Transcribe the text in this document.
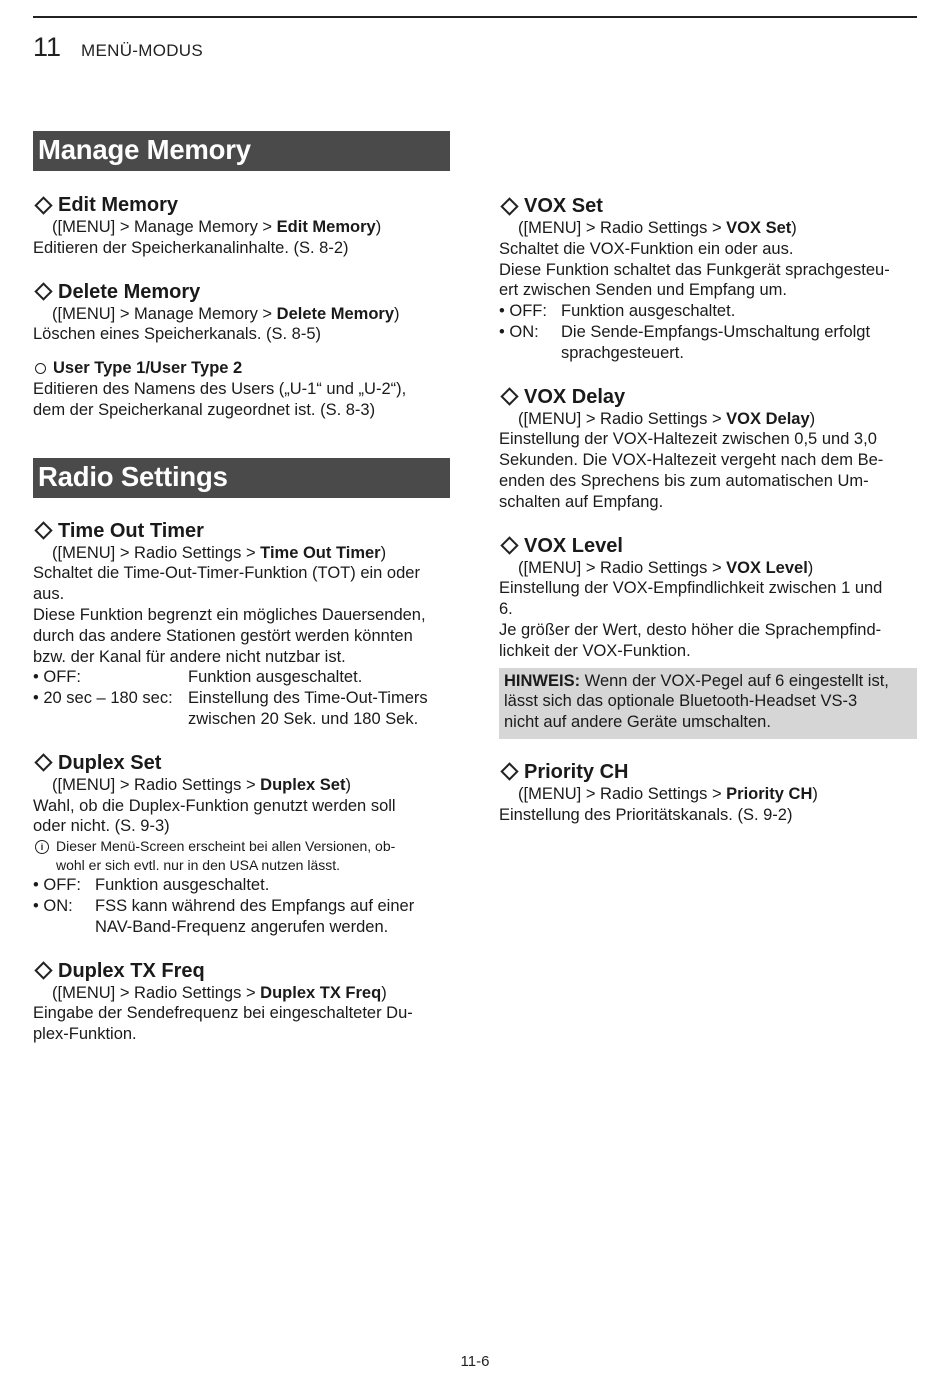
11 MENÜ-MODUS
Manage Memory
Edit Memory
([MENU] > Manage Memory > Edit Memory)
Editieren der Speicherkanalinhalte. (S. 8-2)
Delete Memory
([MENU] > Manage Memory > Delete Memory)
Löschen eines Speicherkanals. (S. 8-5)
User Type 1/User Type 2
Editieren des Namens des Users („U-1“ und „U-2“),
dem der Speicherkanal zugeordnet ist. (S. 8-3)
Radio Settings
Time Out Timer
([MENU] > Radio Settings > Time Out Timer)
Schaltet die Time-Out-Timer-Funktion (TOT) ein oder
aus.
Diese Funktion begrenzt ein mögliches Dauersenden,
durch das andere Stationen gestört werden könnten
bzw. der Kanal für andere nicht nutzbar ist.
• OFF:	Funktion ausgeschaltet.
• 20 sec – 180 sec: Einstellung des Time-Out-Timers
zwischen 20 Sek. und 180 Sek.
Duplex Set
([MENU] > Radio Settings > Duplex Set)
Wahl, ob die Duplex-Funktion genutzt werden soll
oder nicht. (S. 9-3)
i Dieser Menü-Screen erscheint bei allen Versionen, ob-
wohl er sich evtl. nur in den USA nutzen lässt.
• OFF: Funktion ausgeschaltet.
• ON:	FSS kann während des Empfangs auf einer
NAV-Band-Frequenz angerufen werden.
Duplex TX Freq
([MENU] > Radio Settings > Duplex TX Freq)
Eingabe der Sendefrequenz bei eingeschalteter Du-
plex-Funktion.
VOX Set
([MENU] > Radio Settings > VOX Set)
Schaltet die VOX-Funktion ein oder aus.
Diese Funktion schaltet das Funkgerät sprachgesteu-
ert zwischen Senden und Empfang um.
• OFF: Funktion ausgeschaltet.
• ON:	Die Sende-Empfangs-Umschaltung erfolgt
sprachgesteuert.
VOX Delay
([MENU] > Radio Settings > VOX Delay)
Einstellung der VOX-Haltezeit zwischen 0,5 und 3,0
Sekunden. Die VOX-Haltezeit vergeht nach dem Be-
enden des Sprechens bis zum automatischen Um-
schalten auf Empfang.
VOX Level
([MENU] > Radio Settings > VOX Level)
Einstellung der VOX-Empfindlichkeit zwischen 1 und
6.
Je größer der Wert, desto höher die Sprachempfind-
lichkeit der VOX-Funktion.
HINWEIS: Wenn der VOX-Pegel auf 6 eingestellt ist,
lässt sich das optionale Bluetooth-Headset VS-3
nicht auf andere Geräte umschalten.
Priority CH
([MENU] > Radio Settings > Priority CH)
Einstellung des Prioritätskanals. (S. 9-2)
11-6
